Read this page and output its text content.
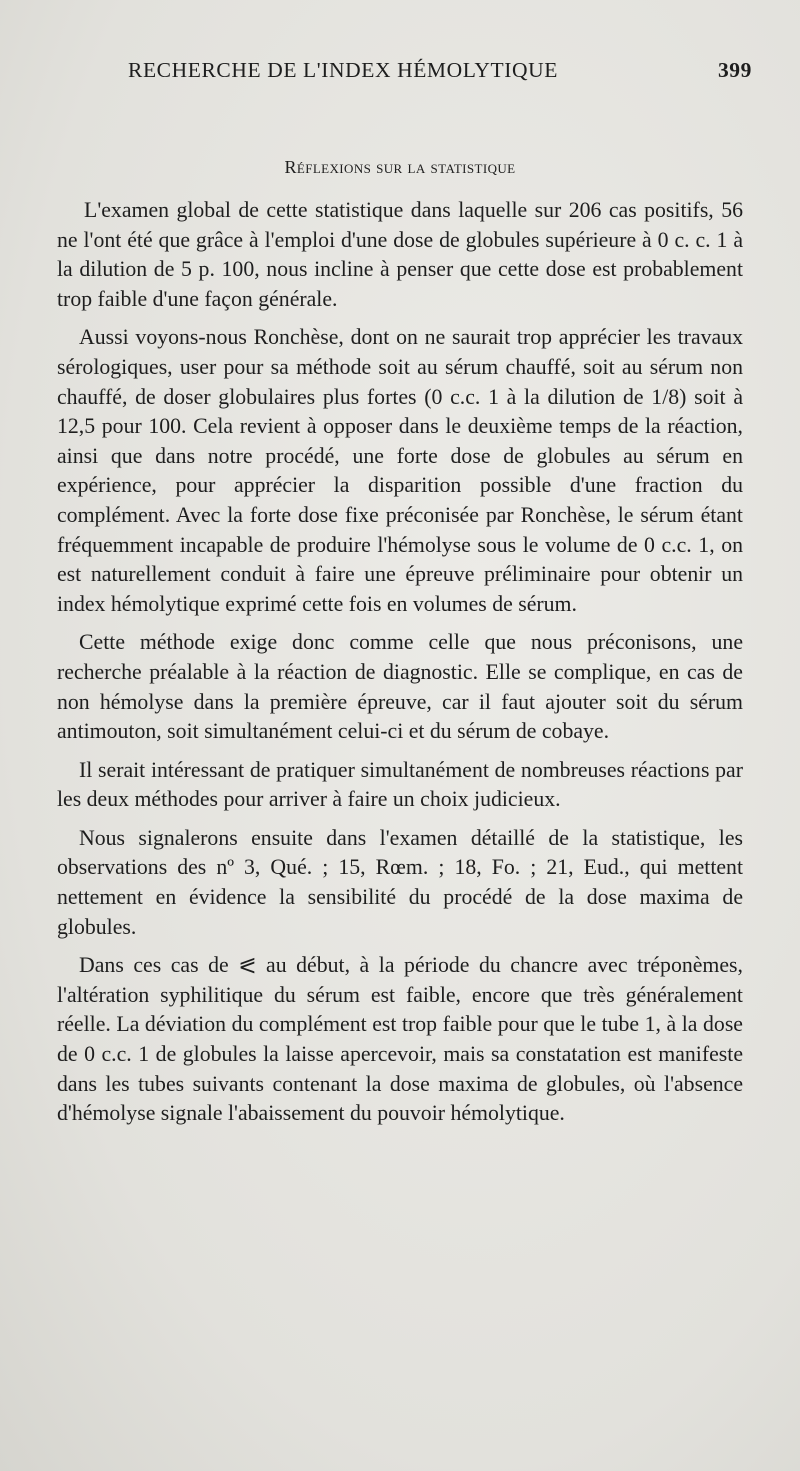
RECHERCHE DE L'INDEX HÉMOLYTIQUE	399
Réflexions sur la statistique

L'examen global de cette statistique dans laquelle sur 206 cas positifs, 56 ne l'ont été que grâce à l'emploi d'une dose de globules supérieure à 0 c. c. 1 à la dilution de 5 p. 100, nous incline à penser que cette dose est probablement trop faible d'une façon générale.

Aussi voyons-nous Ronchèse, dont on ne saurait trop apprécier les travaux sérologiques, user pour sa méthode soit au sérum chauffé, soit au sérum non chauffé, de doser globulaires plus fortes (0 c.c. 1 à la dilution de 1/8) soit à 12,5 pour 100. Cela revient à opposer dans le deuxième temps de la réaction, ainsi que dans notre procédé, une forte dose de globules au sérum en expérience, pour apprécier la disparition possible d'une fraction du complément. Avec la forte dose fixe préconisée par Ronchèse, le sérum étant fréquemment incapable de produire l'hémolyse sous le volume de 0 c.c. 1, on est naturellement conduit à faire une épreuve préliminaire pour obtenir un index hémolytique exprimé cette fois en volumes de sérum.

Cette méthode exige donc comme celle que nous préconisons, une recherche préalable à la réaction de diagnostic. Elle se complique, en cas de non hémolyse dans la première épreuve, car il faut ajouter soit du sérum antimouton, soit simultanément celui-ci et du sérum de cobaye.

Il serait intéressant de pratiquer simultanément de nombreuses réactions par les deux méthodes pour arriver à faire un choix judicieux.

Nous signalerons ensuite dans l'examen détaillé de la statistique, les observations des nº 3, Qué. ; 15, Rœm. ; 18, Fo. ; 21, Eud., qui mettent nettement en évidence la sensibilité du procédé de la dose maxima de globules.

Dans ces cas de ⪕ au début, à la période du chancre avec tréponèmes, l'altération syphilitique du sérum est faible, encore que très généralement réelle. La déviation du complément est trop faible pour que le tube 1, à la dose de 0 c.c. 1 de globules la laisse apercevoir, mais sa constatation est manifeste dans les tubes suivants contenant la dose maxima de globules, où l'absence d'hémolyse signale l'abaissement du pouvoir hémolytique.
